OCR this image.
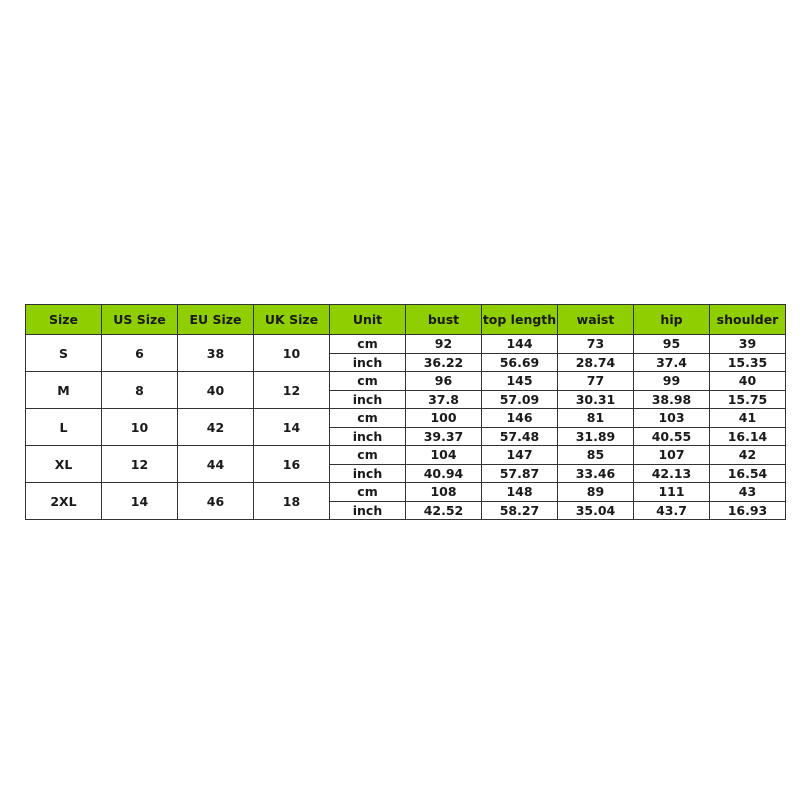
Size	US Size	EU Size	UK Size	Unit	bust	top length	waist	hip	shoulder
S	6	38	10	cm	92	144	73	95	39
				inch	36.22	56.69	28.74	37.4	15.35
M	8	40	12	cm	96	145	77	99	40
				inch	37.8	57.09	30.31	38.98	15.75
L	10	42	14	cm	100	146	81	103	41
				inch	39.37	57.48	31.89	40.55	16.14
XL	12	44	16	cm	104	147	85	107	42
				inch	40.94	57.87	33.46	42.13	16.54
2XL	14	46	18	cm	108	148	89	111	43
				inch	42.52	58.27	35.04	43.7	16.93
